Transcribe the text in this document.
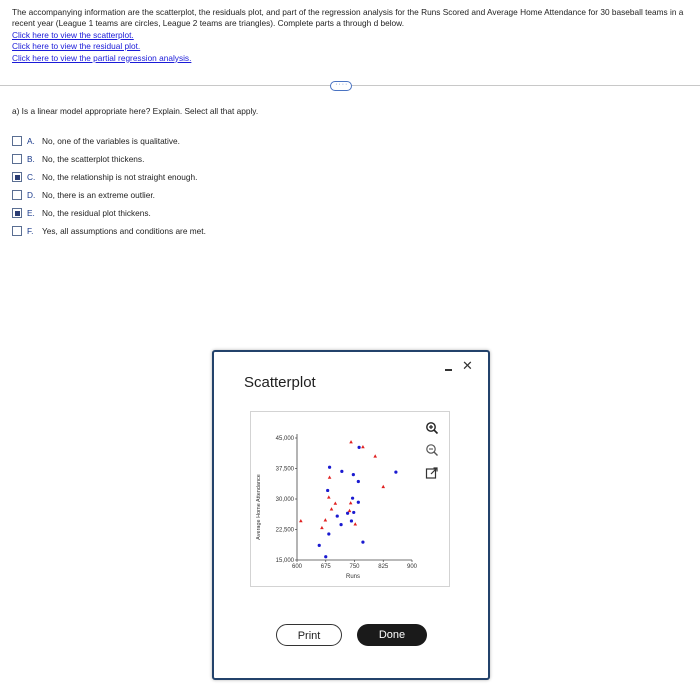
The accompanying information are the scatterplot, the residuals plot, and part of the regression analysis for the Runs Scored and Average Home Attendance for 30 baseball teams in a recent year (League 1 teams are circles, League 2 teams are triangles). Complete parts a through d below.

Click here to view the scatterplot.
Click here to view the residual plot.
Click here to view the partial regression analysis.
· · · ·
a) Is a linear model appropriate here? Explain. Select all that apply.
A. No, one of the variables is qualitative.
B. No, the scatterplot thickens.
C. No, the relationship is not straight enough.
D. No, there is an extreme outlier.
E. No, the residual plot thickens.
F.	Yes, all assumptions and conditions are met.
Scatterplot
✕
45,000
37,500
30,000
22,500
15,000
600	675	750	825	900
Average Home Attendance
Runs
Print	Done
